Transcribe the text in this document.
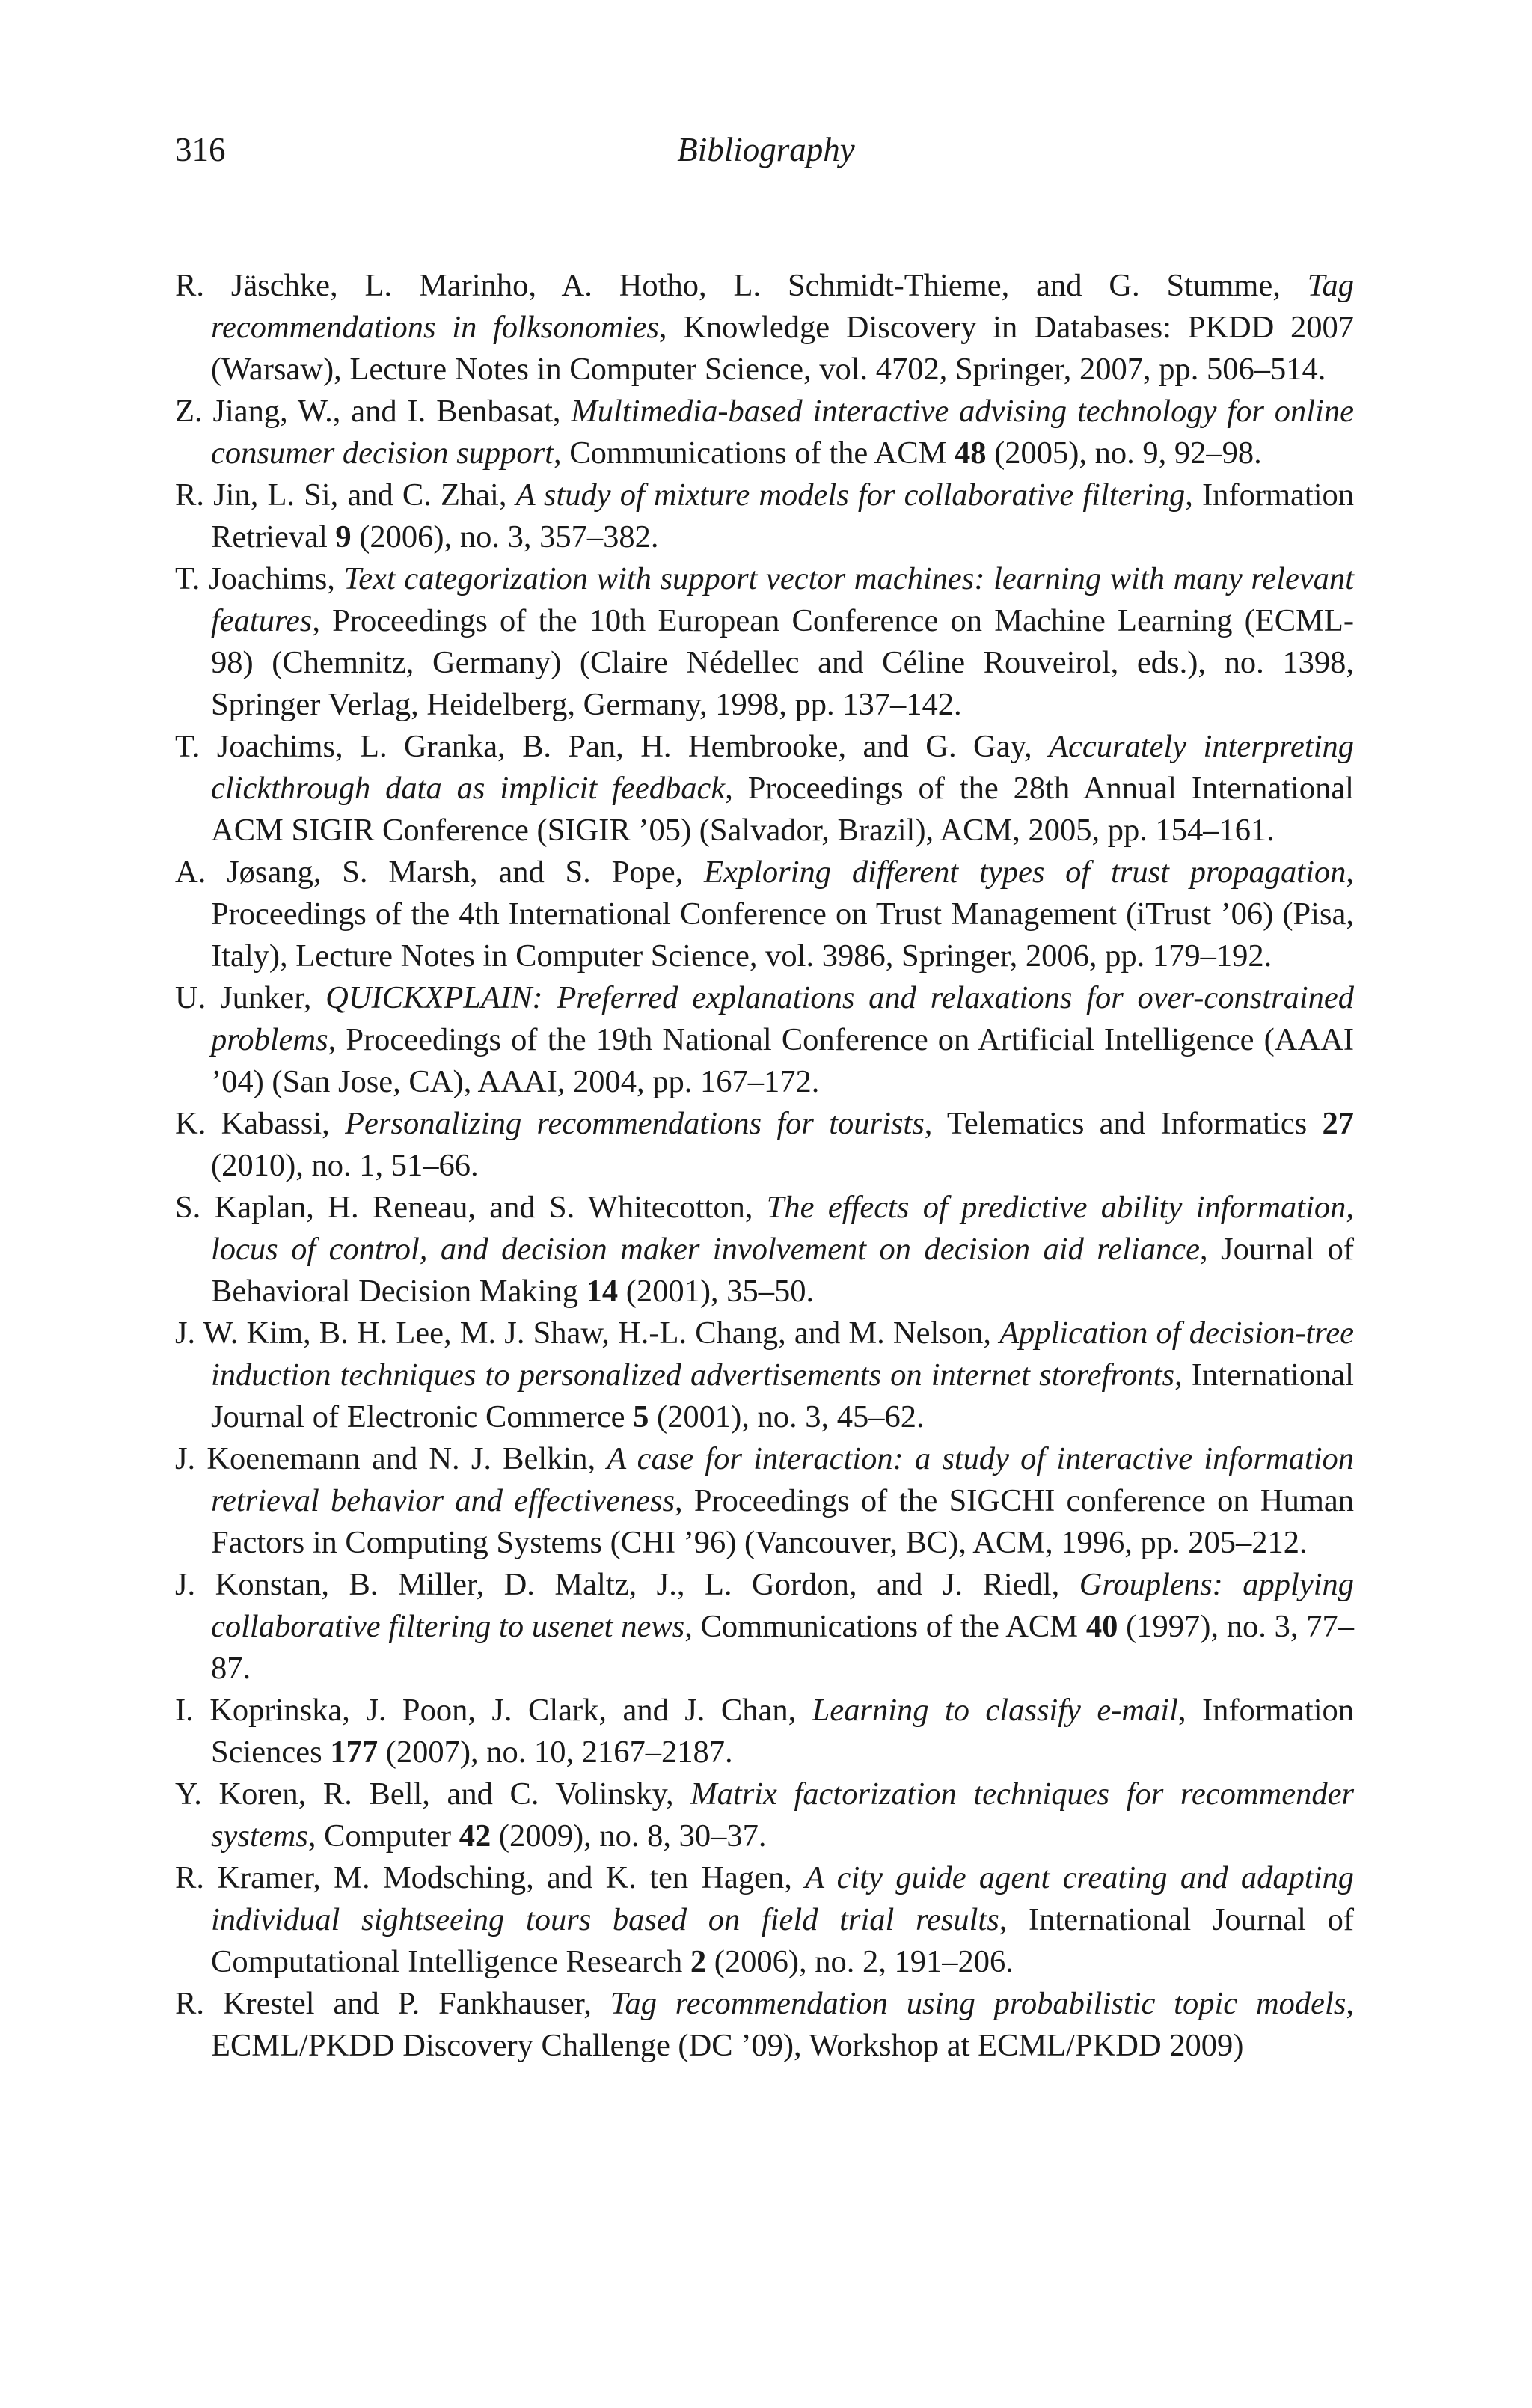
316	Bibliography
R. Jäschke, L. Marinho, A. Hotho, L. Schmidt-Thieme, and G. Stumme, Tag recommendations in folksonomies, Knowledge Discovery in Databases: PKDD 2007 (Warsaw), Lecture Notes in Computer Science, vol. 4702, Springer, 2007, pp. 506–514.
Z. Jiang, W., and I. Benbasat, Multimedia-based interactive advising technology for online consumer decision support, Communications of the ACM 48 (2005), no. 9, 92–98.
R. Jin, L. Si, and C. Zhai, A study of mixture models for collaborative filtering, Information Retrieval 9 (2006), no. 3, 357–382.
T. Joachims, Text categorization with support vector machines: learning with many relevant features, Proceedings of the 10th European Conference on Machine Learning (ECML-98) (Chemnitz, Germany) (Claire Nédellec and Céline Rouveirol, eds.), no. 1398, Springer Verlag, Heidelberg, Germany, 1998, pp. 137–142.
T. Joachims, L. Granka, B. Pan, H. Hembrooke, and G. Gay, Accurately interpreting clickthrough data as implicit feedback, Proceedings of the 28th Annual International ACM SIGIR Conference (SIGIR ’05) (Salvador, Brazil), ACM, 2005, pp. 154–161.
A. Jøsang, S. Marsh, and S. Pope, Exploring different types of trust propagation, Proceedings of the 4th International Conference on Trust Management (iTrust ’06) (Pisa, Italy), Lecture Notes in Computer Science, vol. 3986, Springer, 2006, pp. 179–192.
U. Junker, QUICKXPLAIN: Preferred explanations and relaxations for over-constrained problems, Proceedings of the 19th National Conference on Artificial Intelligence (AAAI ’04) (San Jose, CA), AAAI, 2004, pp. 167–172.
K. Kabassi, Personalizing recommendations for tourists, Telematics and Informatics 27 (2010), no. 1, 51–66.
S. Kaplan, H. Reneau, and S. Whitecotton, The effects of predictive ability information, locus of control, and decision maker involvement on decision aid reliance, Journal of Behavioral Decision Making 14 (2001), 35–50.
J. W. Kim, B. H. Lee, M. J. Shaw, H.-L. Chang, and M. Nelson, Application of decision-tree induction techniques to personalized advertisements on internet storefronts, International Journal of Electronic Commerce 5 (2001), no. 3, 45–62.
J. Koenemann and N. J. Belkin, A case for interaction: a study of interactive information retrieval behavior and effectiveness, Proceedings of the SIGCHI conference on Human Factors in Computing Systems (CHI ’96) (Vancouver, BC), ACM, 1996, pp. 205–212.
J. Konstan, B. Miller, D. Maltz, J., L. Gordon, and J. Riedl, Grouplens: applying collaborative filtering to usenet news, Communications of the ACM 40 (1997), no. 3, 77–87.
I. Koprinska, J. Poon, J. Clark, and J. Chan, Learning to classify e-mail, Information Sciences 177 (2007), no. 10, 2167–2187.
Y. Koren, R. Bell, and C. Volinsky, Matrix factorization techniques for recommender systems, Computer 42 (2009), no. 8, 30–37.
R. Kramer, M. Modsching, and K. ten Hagen, A city guide agent creating and adapting individual sightseeing tours based on field trial results, International Journal of Computational Intelligence Research 2 (2006), no. 2, 191–206.
R. Krestel and P. Fankhauser, Tag recommendation using probabilistic topic models, ECML/PKDD Discovery Challenge (DC ’09), Workshop at ECML/PKDD 2009)
